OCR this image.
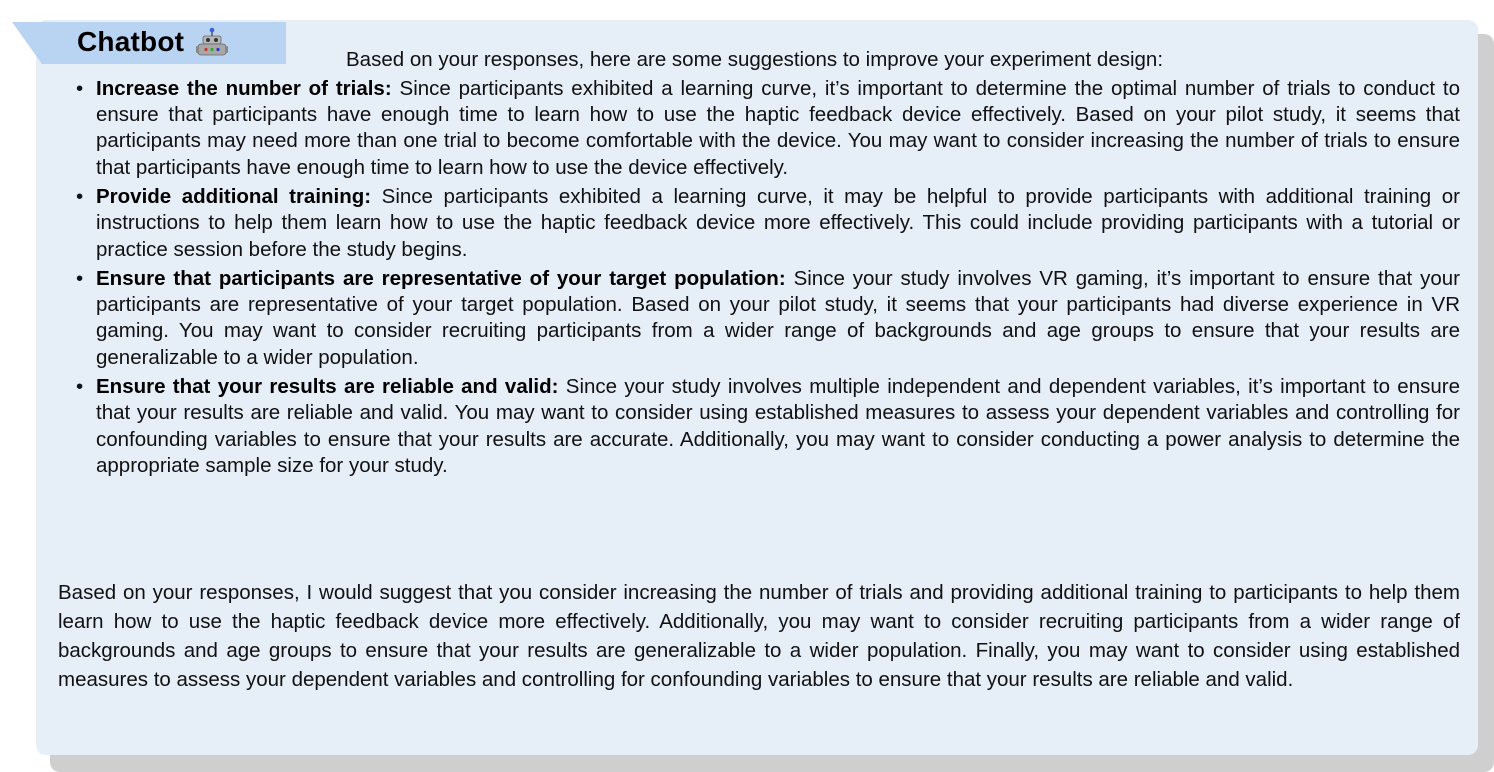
Chatbot

Based on your responses, here are some suggestions to improve your experiment design:

• Increase the number of trials: Since participants exhibited a learning curve, it’s important to determine the optimal number of trials to conduct to ensure that participants have enough time to learn how to use the haptic feedback device effectively. Based on your pilot study, it seems that participants may need more than one trial to become comfortable with the device. You may want to consider increasing the number of trials to ensure that participants have enough time to learn how to use the device effectively.
• Provide additional training: Since participants exhibited a learning curve, it may be helpful to provide participants with additional training or instructions to help them learn how to use the haptic feedback device more effectively. This could include providing participants with a tutorial or practice session before the study begins.
• Ensure that participants are representative of your target population: Since your study involves VR gaming, it’s important to ensure that your participants are representative of your target population. Based on your pilot study, it seems that your participants had diverse experience in VR gaming. You may want to consider recruiting participants from a wider range of backgrounds and age groups to ensure that your results are generalizable to a wider population.
• Ensure that your results are reliable and valid: Since your study involves multiple independent and dependent variables, it’s important to ensure that your results are reliable and valid. You may want to consider using established measures to assess your dependent variables and controlling for confounding variables to ensure that your results are accurate. Additionally, you may want to consider conducting a power analysis to determine the appropriate sample size for your study.

Based on your responses, I would suggest that you consider increasing the number of trials and providing additional training to participants to help them learn how to use the haptic feedback device more effectively. Additionally, you may want to consider recruiting participants from a wider range of backgrounds and age groups to ensure that your results are generalizable to a wider population. Finally, you may want to consider using established measures to assess your dependent variables and controlling for confounding variables to ensure that your results are reliable and valid.
